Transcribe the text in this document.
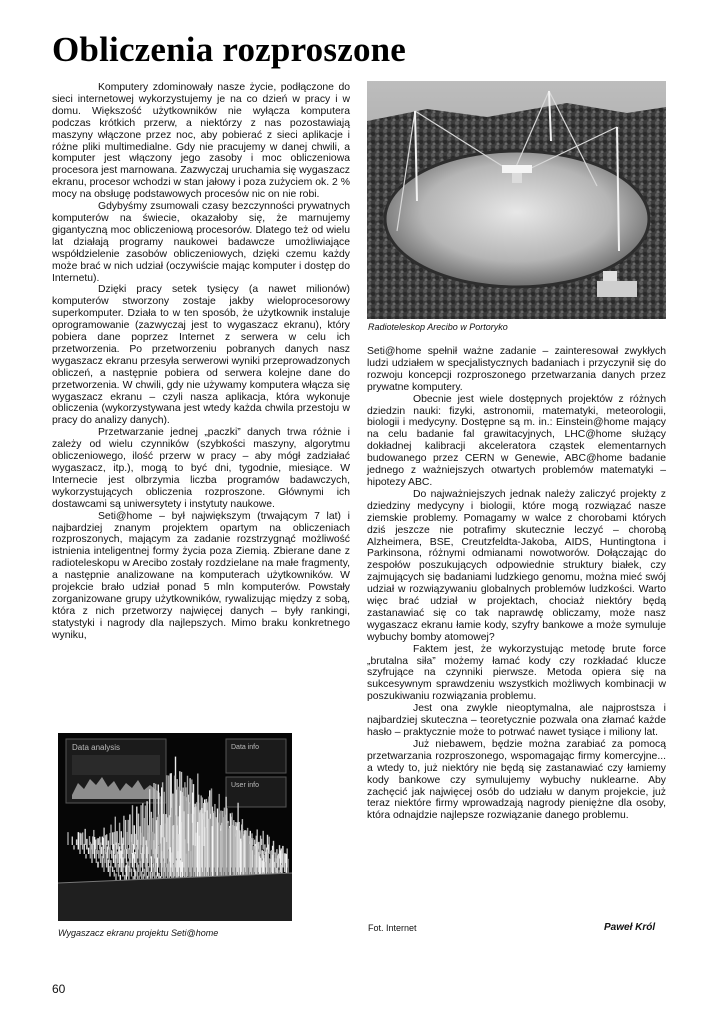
Obliczenia rozproszone

Komputery zdominowały nasze życie, podłączone do sieci internetowej wykorzystujemy je na co dzień w pracy i w domu. Większość użytkowników nie wyłącza komputera podczas krótkich przerw, a niektórzy z nas pozostawiają maszyny włączone przez noc, aby pobierać z sieci aplikacje i różne pliki multimedialne. Gdy nie pracujemy w danej chwili, a komputer jest włączony jego zasoby i moc obliczeniowa procesora jest marnowana. Zazwyczaj uruchamia się wygaszacz ekranu, procesor wchodzi w stan jałowy i poza zużyciem ok. 2 % mocy na obsługę podstawowych procesów nic on nie robi.

Gdybyśmy zsumowali czasy bezczynności prywatnych komputerów na świecie, okazałoby się, że marnujemy gigantyczną moc obliczeniową procesorów. Dlatego też od wielu lat działają programy naukowei badawcze umożliwiające współdzielenie zasobów obliczeniowych, dzięki czemu każdy może brać w nich udział (oczywiście mając komputer i dostęp do Internetu).

Dzięki pracy setek tysięcy (a nawet milionów) komputerów stworzony zostaje jakby wieloprocesorowy superkomputer. Działa to w ten sposób, że użytkownik instaluje oprogramowanie (zazwyczaj jest to wygaszacz ekranu), który pobiera dane poprzez Internet z serwera w celu ich przetworzenia. Po przetworzeniu pobranych danych nasz wygaszacz ekranu przesyła serwerowi wyniki przeprowadzonych obliczeń, a następnie pobiera od serwera kolejne dane do przetworzenia. W chwili, gdy nie używamy komputera włącza się wygaszacz ekranu – czyli nasza aplikacja, która wykonuje obliczenia (wykorzystywana jest wtedy każda chwila przestoju w pracy do analizy danych).

Przetwarzanie jednej „paczki” danych trwa różnie i zależy od wielu czynników (szybkości maszyny, algorytmu obliczeniowego, ilość przerw w pracy – aby mógł zadziałać wygaszacz, itp.), mogą to być dni, tygodnie, miesiące. W Internecie jest olbrzymia liczba programów badawczych, wykorzystujących obliczenia rozproszone. Głównymi ich dostawcami są uniwersytety i instytuty naukowe.

Seti@home – był największym (trwającym 7 lat) i najbardziej znanym projektem opartym na obliczeniach rozproszonych, mającym za zadanie rozstrzygnąć możliwość istnienia inteligentnej formy życia poza Ziemią. Zbierane dane z radioteleskopu w Arecibo zostały rozdzielane na małe fragmenty, a następnie analizowane na komputerach użytkowników. W projekcie brało udział ponad 5 mln komputerów. Powstały zorganizowane grupy użytkowników, rywalizując między z sobą, która z nich przetworzy najwięcej danych – były rankingi, statystyki i nagrody dla najlepszych. Mimo braku konkretnego wyniku,

Radioteleskop Arecibo w Portoryko

Seti@home spełnił ważne zadanie – zainteresował zwykłych ludzi udziałem w specjalistycznych badaniach i przyczynił się do rozwoju koncepcji rozproszonego przetwarzania danych przez prywatne komputery.

Obecnie jest wiele dostępnych projektów z różnych dziedzin nauki: fizyki, astronomii, matematyki, meteorologii, biologii i medycyny. Dostępne są m. in.: Einstein@home mający na celu badanie fal grawitacyjnych, LHC@home służący dokładnej kalibracji akceleratora cząstek elementarnych budowanego przez CERN w Genewie, ABC@home badanie jednego z ważniejszych otwartych problemów matematyki – hipotezy ABC.

Do najważniejszych jednak należy zaliczyć projekty z dziedziny medycyny i biologii, które mogą rozwiązać nasze ziemskie problemy. Pomagamy w walce z chorobami których dziś jeszcze nie potrafimy skutecznie leczyć – chorobą Alzheimera, BSE, Creutzfeldta-Jakoba, AIDS, Huntingtona i Parkinsona, różnymi odmianami nowotworów. Dołączając do zespołów poszukujących odpowiednie struktury białek, czy zajmujących się badaniami ludzkiego genomu, można mieć swój udział w rozwiązywaniu globalnych problemów ludzkości. Warto więc brać udział w projektach, chociaż niektóry będą zastanawiać się co tak naprawdę obliczamy, może nasz wygaszacz ekranu łamie kody, szyfry bankowe a może symuluje wybuchy bomby atomowej?

Faktem jest, że wykorzystując metodę brute force „brutalna siła” możemy łamać kody czy rozkładać klucze szyfrujące na czynniki pierwsze. Metoda opiera się na sukcesywnym sprawdzeniu wszystkich możliwych kombinacji w poszukiwaniu rozwiązania problemu.

Jest ona zwykle nieoptymalna, ale najprostsza i najbardziej skuteczna – teoretycznie pozwala ona złamać każde hasło – praktycznie może to potrwać nawet tysiące i miliony lat.

Już niebawem, będzie można zarabiać za pomocą przetwarzania rozproszonego, wspomagając firmy komercyjne... a wtedy to, już niektóry nie będą się zastanawiać czy łamiemy kody bankowe czy symulujemy wybuchy nuklearne. Aby zachęcić jak najwięcej osób do udziału w danym projekcie, już teraz niektóre firmy wprowadzają nagrody pieniężne dla osoby, która odnajdzie najlepsze rozwiązanie danego problemu.

Data analysis	Data info
User info
Wygaszacz ekranu projektu Seti@home	Fot. Internet	Paweł Król
60
